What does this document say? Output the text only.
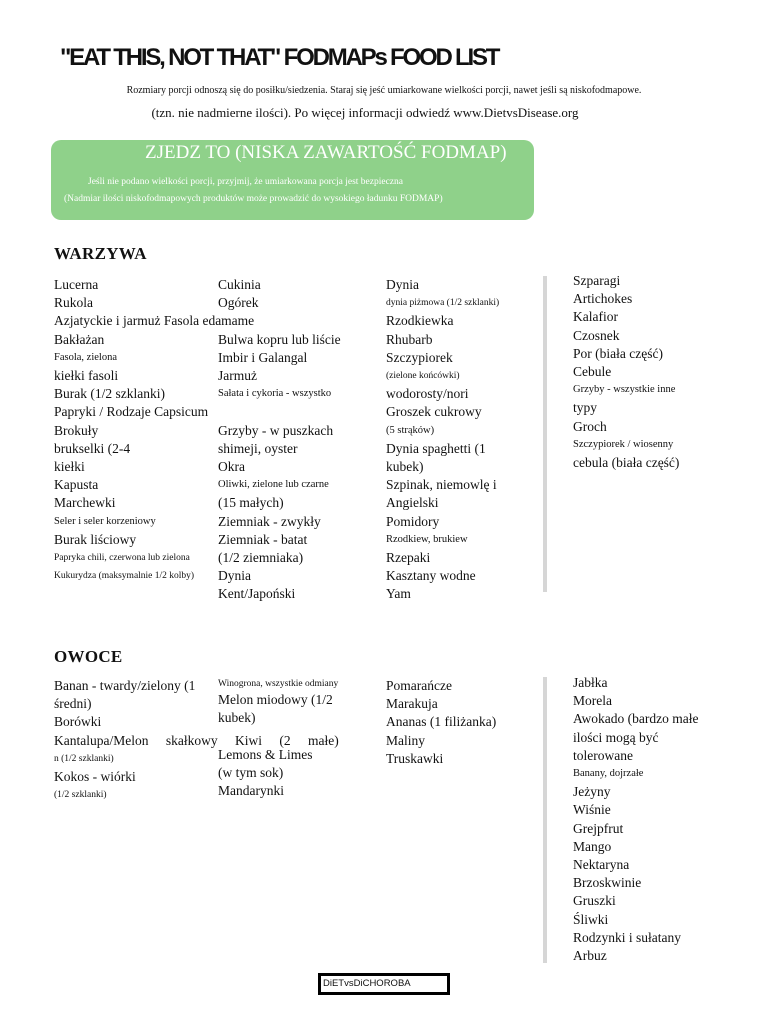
"EAT THIS, NOT THAT" FODMAPs FOOD LIST
Rozmiary porcji odnoszą się do posiłku/siedzenia. Staraj się jeść umiarkowane wielkości porcji, nawet jeśli są niskofodmapowe.
(tzn. nie nadmierne ilości). Po więcej informacji odwiedź www.DietvsDisease.org
ZJEDZ TO (NISKA ZAWARTOŚĆ FODMAP)
Jeśli nie podano wielkości porcji, przyjmij, że umiarkowana porcja jest bezpieczna
(Nadmiar ilości niskofodmapowych produktów może prowadzić do wysokiego ładunku FODMAP)
WARZYWA
Lucerna
Rukola
Azjatyckie i jarmuż Fasola edamame
Bakłażan
Fasola, zielona
kiełki fasoli
Burak (1/2 szklanki)
Papryki / Rodzaje Capsicum
Brokuły
brukselki (2-4
kiełki
Kapusta
Marchewki
Seler i seler korzeniowy
Burak liściowy
Papryka chili, czerwona lub zielona
Kukurydza (maksymalnie 1/2 kolby)
Cukinia
Ogórek

Bulwa kopru lub liście
Imbir i Galangal
Jarmuż
Sałata i cykoria - wszystko

Grzyby - w puszkach
shimeji, oyster
Okra
Oliwki, zielone lub czarne
(15 małych)
Ziemniak - zwykły
Ziemniak - batat
(1/2 ziemniaka)
Dynia
Kent/Japoński
Dynia
dynia piżmowa (1/2 szklanki)
Rzodkiewka
Rhubarb
Szczypiorek
(zielone końcówki)
wodorosty/nori
Groszek cukrowy
(5 strąków)
Dynia spaghetti (1
kubek)
Szpinak, niemowlę i
Angielski
Pomidory
Rzodkiew, brukiew
Rzepaki
Kasztany wodne
Yam
Szparagi
Artichokes
Kalafior
Czosnek
Por (biała część)
Cebule
Grzyby - wszystkie inne
typy
Groch
Szczypiorek / wiosenny
cebula (biała część)
OWOCE
Banan - twardy/zielony (1
średni)
Borówki
Kantalupa/Melon skałkowy Kiwi (2 małe)
n (1/2 szklanki)
Kokos - wiórki
(1/2 szklanki)
Winogrona, wszystkie odmiany
Melon miodowy (1/2
kubek)

Lemons & Limes
(w tym sok)
Mandarynki
Pomarańcze
Marakuja
Ananas (1 filiżanka)
Maliny
Truskawki
Jabłka
Morela
Awokado (bardzo małe
ilości mogą być
tolerowane
Banany, dojrzałe
Jeżyny
Wiśnie
Grejpfrut
Mango
Nektaryna
Brzoskwinie
Gruszki
Śliwki
Rodzynki i sułatany
Arbuz
DiETvsDiCHOROBA
